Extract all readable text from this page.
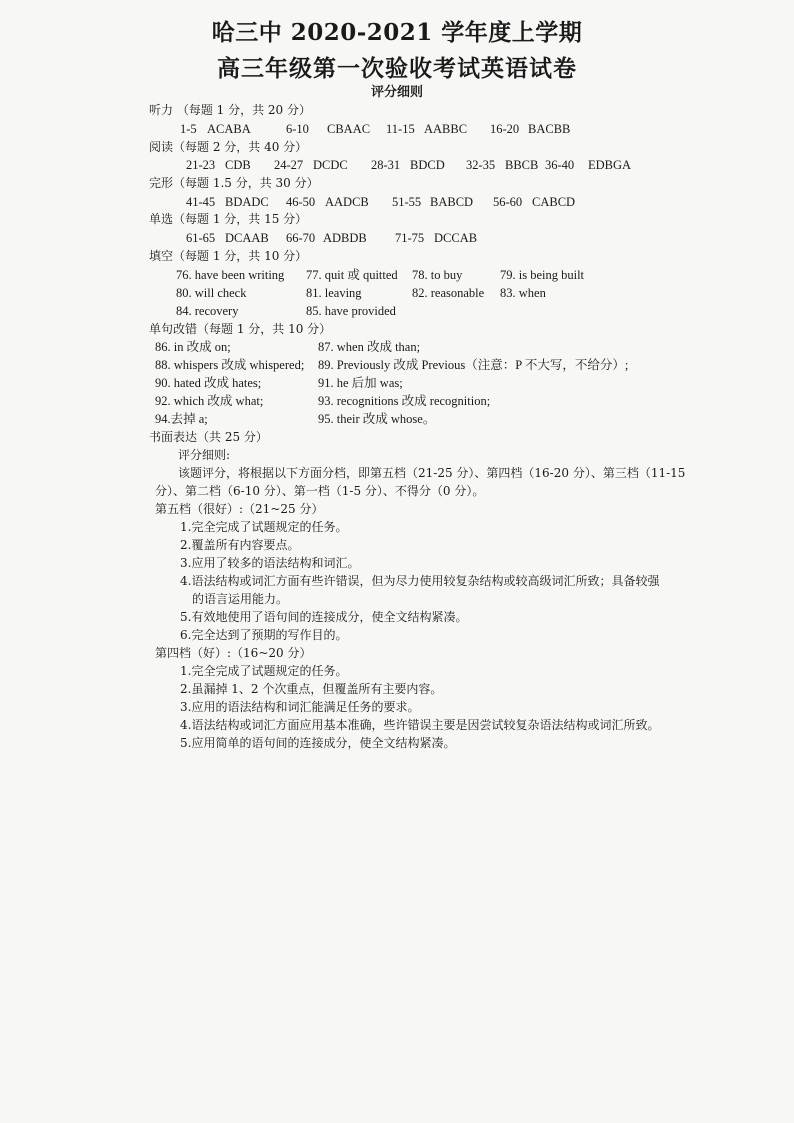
哈三中 2020-2021 学年度上学期
高三年级第一次验收考试英语试卷
评分细则
听力 （每题 1 分，共 20 分）
1-5 ACABA	6-10 CBAAC 11-15 AABBC 16-20 BACBB
阅读（每题 2 分，共 40 分）
21-23 CDB 24-27 DCDC 28-31 BDCD 32-35 BBCB 36-40 EDBGA
完形（每题 1.5 分，共 30 分）
41-45 BDADC 46-50 AADCB 51-55 BABCD 56-60 CABCD
单选（每题 1 分，共 15 分）
61-65 DCAAB 66-70 ADBDB 71-75 DCCAB
填空（每题 1 分，共 10 分）
76. have been writing 77. quit 或 quitted 78. to buy	79. is being built
80. will check	81. leaving	82. reasonable 83. when
84. recovery	85. have provided
单句改错（每题 1 分，共 10 分）
86. in 改成 on;	87. when 改成 than;
88. whispers 改成 whispered; 89. Previously 改成 Previous（注意：P 不大写，不给分）;
90. hated 改成 hates;	91. he 后加 was;
92. which 改成 what;	93. recognitions 改成 recognition;
94.去掉 a;	95. their 改成 whose。
书面表达（共 25 分）
评分细则:
该题评分，将根据以下方面分档，即第五档（21-25 分）、第四档（16-20 分）、第三档（11-15
分）、第二档（6-10 分）、第一档（1-5 分）、不得分（0 分）。
第五档（很好）:（21~25 分）
1.完全完成了试题规定的任务。
2.覆盖所有内容要点。
3.应用了较多的语法结构和词汇。
4.语法结构或词汇方面有些许错误，但为尽力使用较复杂结构或较高级词汇所致；具备较强
的语言运用能力。
5.有效地使用了语句间的连接成分，使全文结构紧凑。
6.完全达到了预期的写作目的。
第四档（好）:（16~20 分）
1.完全完成了试题规定的任务。
2.虽漏掉 1、2 个次重点，但覆盖所有主要内容。
3.应用的语法结构和词汇能满足任务的要求。
4.语法结构或词汇方面应用基本准确，些许错误主要是因尝试较复杂语法结构或词汇所致。
5.应用简单的语句间的连接成分，使全文结构紧凑。
